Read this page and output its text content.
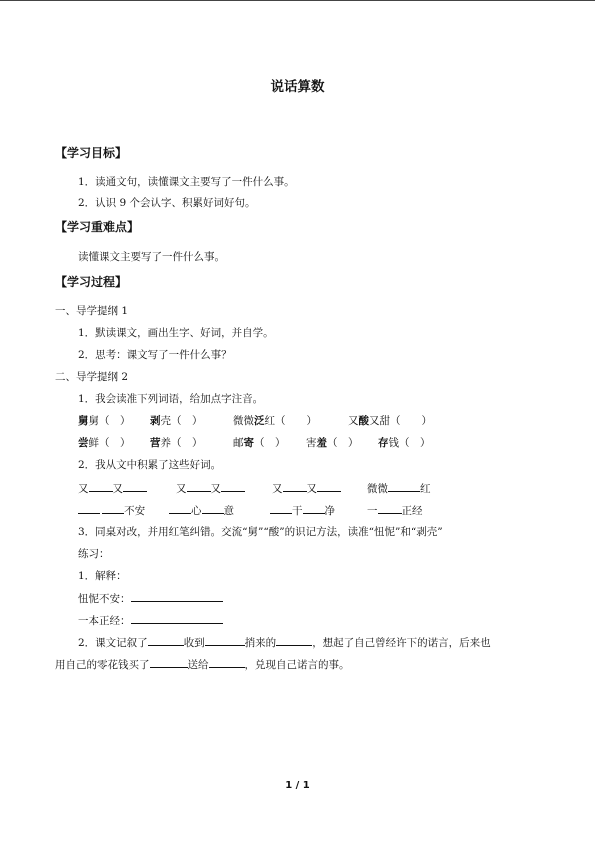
说话算数
【学习目标】
1．读通文句，读懂课文主要写了一件什么事。
2．认识 9 个会认字、积累好词好句。
【学习重难点】
读懂课文主要写了一件什么事。
【学习过程】
一、导学提纲 1
1．默读课文，画出生字、好词，并自学。
2．思考：课文写了一件什么事？
二、导学提纲 2
1．我会读准下列词语，给加点字注音。
舅舅（　） 剥壳（　）	微微泛红（　　）	又酸又甜（　　）
尝鲜（　） 营养（　）	邮寄（　） 害羞（　） 存钱（　）
2．我从文中积累了这些好词。
又 又	又 又	又 又	微微	红
 不安	心 意	干 净	一 正经
3．同桌对改，并用红笔纠错。交流“舅”“酸”的识记方法，读准“忸怩”和“剥壳”
练习：
1．解释：
忸怩不安：
一本正经：
2．课文记叙了	收到	捎来的	，想起了自己曾经许下的诺言，后来也
用自己的零花钱买了	送给	，兑现自己诺言的事。
1 / 1
